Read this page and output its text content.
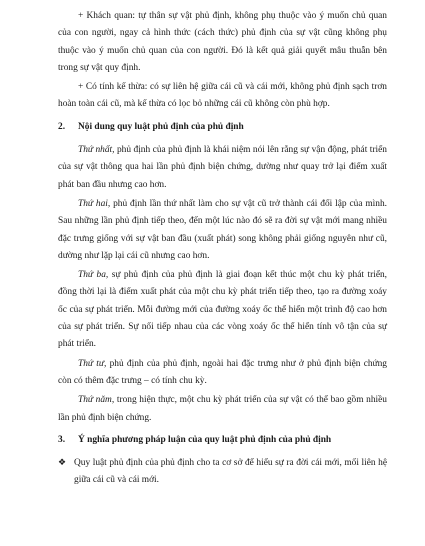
+ Khách quan: tự thân sự vật phủ định, không phụ thuộc vào ý muốn chủ quan của con người, ngay cả hình thức (cách thức) phủ định của sự vật cũng không phụ thuộc vào ý muốn chủ quan của con người. Đó là kết quả giải quyết mâu thuẫn bên trong sự vật quy định.

+ Có tính kế thừa: có sự liên hệ giữa cái cũ và cái mới, không phủ định sạch trơn hoàn toàn cái cũ, mà kế thừa có lọc bỏ những cái cũ không còn phù hợp.

2. Nội dung quy luật phủ định của phủ định

Thứ nhất, phủ định của phủ định là khái niệm nói lên rằng sự vận động, phát triển của sự vật thông qua hai lần phủ định biện chứng, dường như quay trở lại điểm xuất phát ban đầu nhưng cao hơn.

Thứ hai, phủ định lần thứ nhất làm cho sự vật cũ trở thành cái đối lập của mình. Sau những lần phủ định tiếp theo, đến một lúc nào đó sẽ ra đời sự vật mới mang nhiều đặc trưng giống với sự vật ban đầu (xuất phát) song không phải giống nguyên như cũ, dường như lặp lại cái cũ nhưng cao hơn.

Thứ ba, sự phủ định của phủ định là giai đoạn kết thúc một chu kỳ phát triển, đồng thời lại là điểm xuất phát của một chu kỳ phát triển tiếp theo, tạo ra đường xoáy ốc của sự phát triển. Mỗi đường mới của đường xoáy ốc thể hiển một trình độ cao hơn của sự phát triển. Sự nối tiếp nhau của các vòng xoáy ốc thể hiển tính vô tận của sự phát triển.

Thứ tư, phủ định của phủ định, ngoài hai đặc trưng như ở phủ định biện chứng còn có thêm đặc trưng – có tính chu kỳ.

Thứ năm, trong hiện thực, một chu kỳ phát triển của sự vật có thể bao gồm nhiều lần phủ định biện chứng.

3. Ý nghĩa phương pháp luận của quy luật phủ định của phủ định

❖ Quy luật phủ định của phủ định cho ta cơ sở để hiểu sự ra đời cái mới, mối liên hệ giữa cái cũ và cái mới.
